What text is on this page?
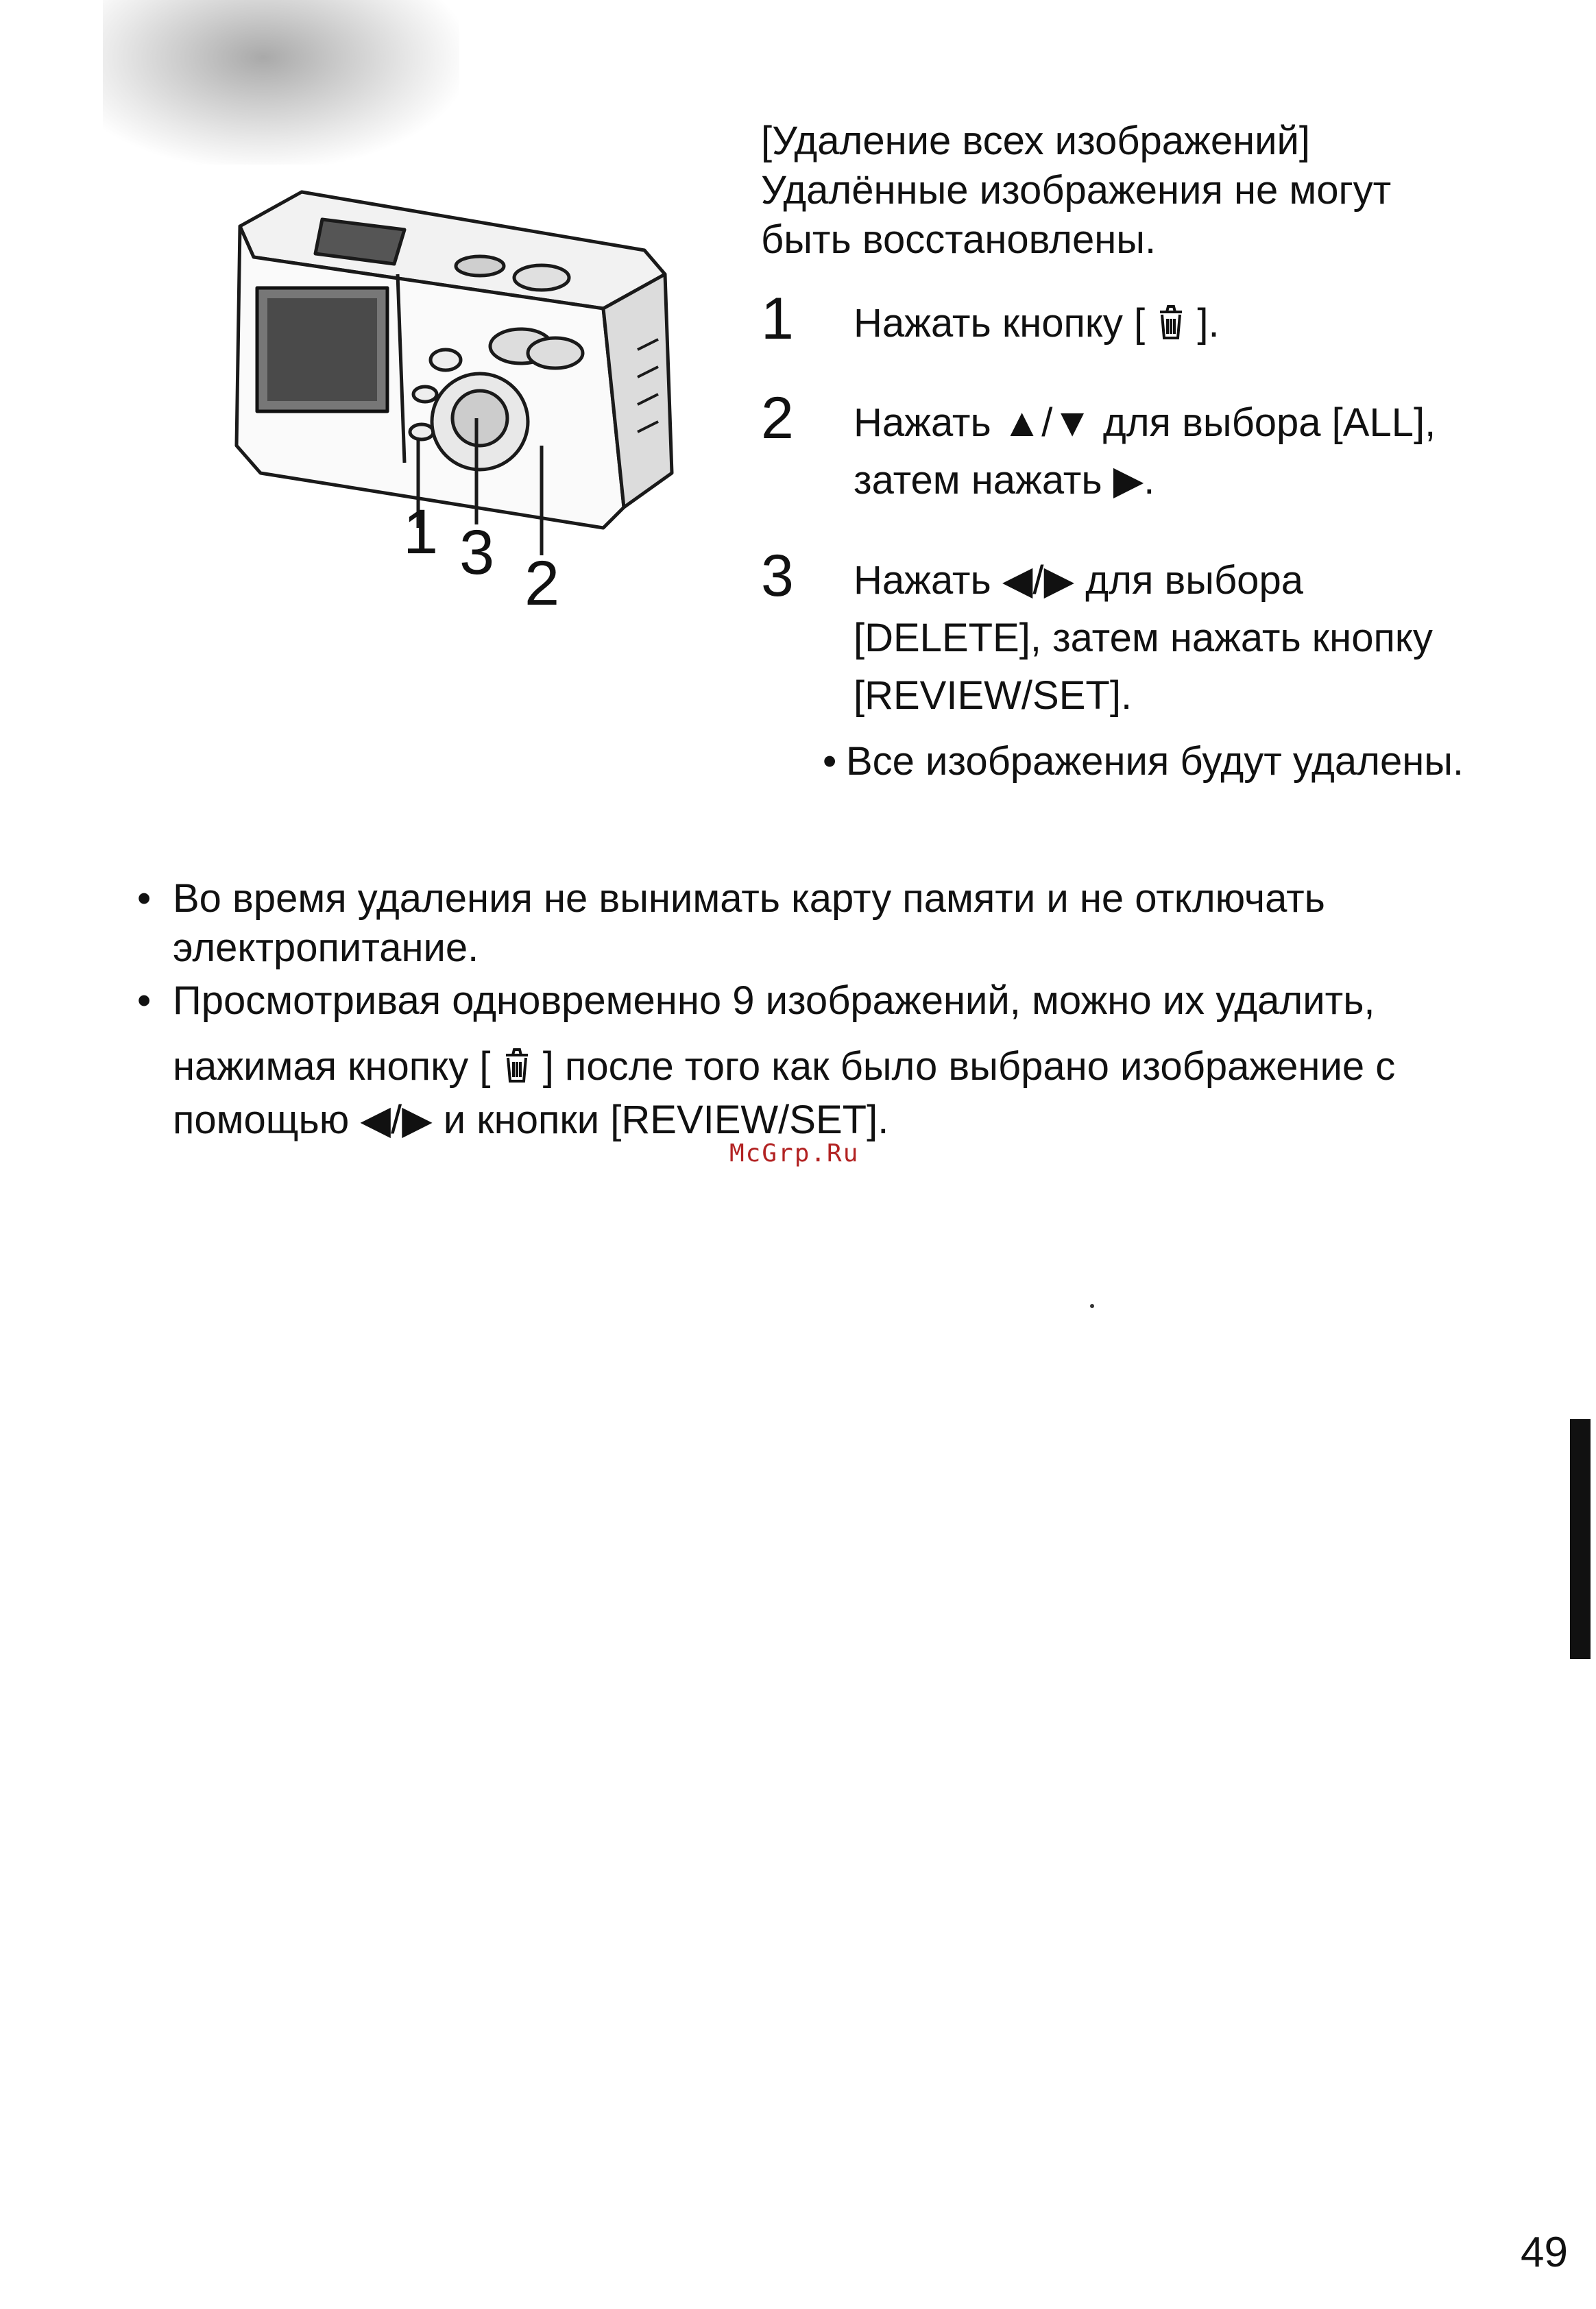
1 3 2
[Удаление всех изображений]
Удалённые изображения не могут
быть восстановлены.
1 Нажать кнопку [ ].
2 Нажать ▲/▼ для выбора [ALL],
затем нажать ▶.
3 Нажать ◀/▶ для выбора
[DELETE], затем нажать кнопку
[REVIEW/SET].
• Все изображения будут удалены.
• Во время удаления не вынимать карту памяти и не отключать
электропитание.
• Просмотривая одновременно 9 изображений, можно их удалить,
нажимая кнопку [  ] после того как было выбрано изображение с
помощью ◀/▶ и кнопки [REVIEW/SET].
McGrp.Ru
49
